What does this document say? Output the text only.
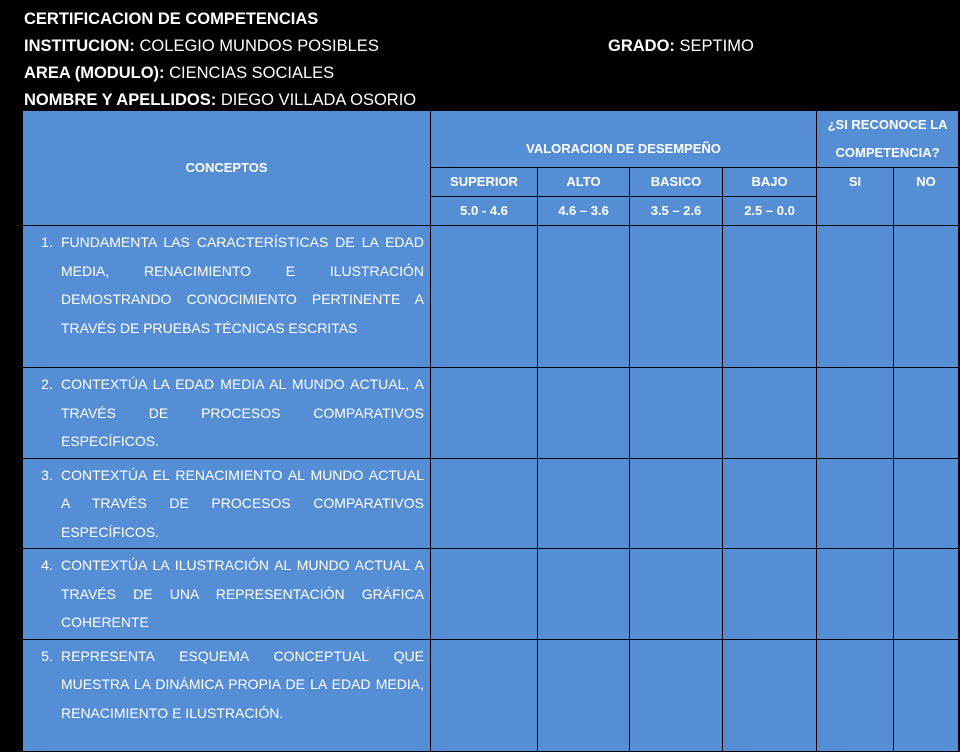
CERTIFICACION DE COMPETENCIAS
INSTITUCION: COLEGIO MUNDOS POSIBLES	GRADO: SEPTIMO
AREA (MODULO): CIENCIAS SOCIALES
NOMBRE Y APELLIDOS: DIEGO VILLADA OSORIO
CONCEPTOS	VALORACION DE DESEMPEÑO				¿SI RECONOCE LA COMPETENCIA?	
	SUPERIOR	ALTO	BASICO	BAJO	SI	NO
	5.0 - 4.6	4.6 – 3.6	3.5 – 2.6	2.5 – 0.0		

1. FUNDAMENTA LAS CARACTERÍSTICAS DE LA EDAD MEDIA, RENACIMIENTO E ILUSTRACIÓN DEMOSTRANDO CONOCIMIENTO PERTINENTE A TRAVÉS DE PRUEBAS TÉCNICAS ESCRITAS						

2. CONTEXTÚA LA EDAD MEDIA AL MUNDO ACTUAL, A TRAVÉS DE PROCESOS COMPARATIVOS ESPECÍFICOS.						

3. CONTEXTÚA EL RENACIMIENTO AL MUNDO ACTUAL A TRAVÉS DE PROCESOS COMPARATIVOS ESPECÍFICOS.						

4. CONTEXTÚA LA ILUSTRACIÓN AL MUNDO ACTUAL A TRAVÉS DE UNA REPRESENTACIÓN GRÁFICA COHERENTE						

5. REPRESENTA ESQUEMA CONCEPTUAL QUE MUESTRA LA DINÁMICA PROPIA DE LA EDAD MEDIA, RENACIMIENTO E ILUSTRACIÓN.						
